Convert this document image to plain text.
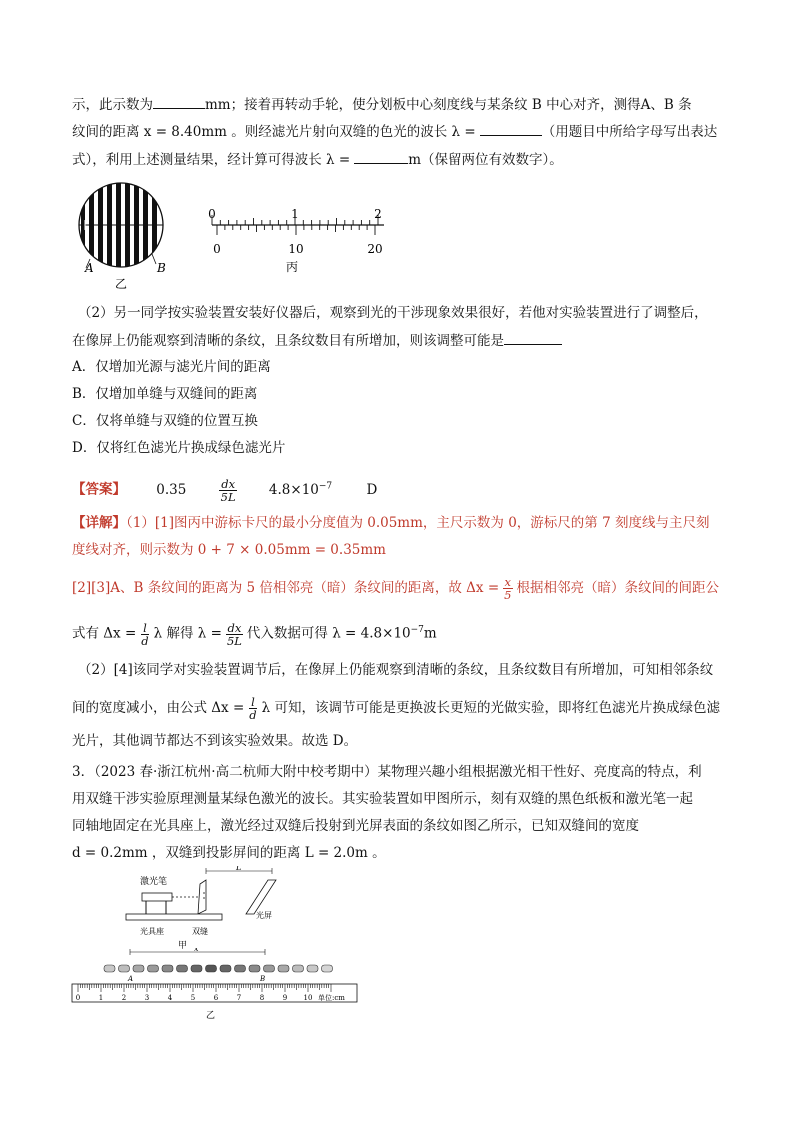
示，此示数为	mm；接着再转动手轮，使分划板中心刻度线与某条纹 B 中心对齐，测得A、B 条
纹间的距离 x = 8.40mm 。则经滤光片射向双缝的色光的波长 λ =	（用题目中所给字母写出表达
式），利用上述测量结果，经计算可得波长 λ =	m（保留两位有效数字）。
A	B
乙
0	1	2
0	10	20
丙
（2）另一同学按实验装置安装好仪器后，观察到光的干涉现象效果很好，若他对实验装置进行了调整后，
在像屏上仍能观察到清晰的条纹，且条纹数目有所增加，则该调整可能是
A．仅增加光源与滤光片间的距离
B．仅增加单缝与双缝间的距离
C．仅将单缝与双缝的位置互换
D．仅将红色滤光片换成绿色滤光片
【答案】 0.35	$\frac{dx}{5L} 4.8\times 10^{-7}$	D
【详解】（1）[1]图丙中游标卡尺的最小分度值为 0.05mm，主尺示数为 0，游标尺的第 7 刻度线与主尺刻
度线对齐，则示数为 0 + 7 × 0.05mm = 0.35mm
[2][3]A、B 条纹间的距离为 5 倍相邻亮（暗）条纹间的距离，故 $\Delta x = \frac{x}{5}$ 根据相邻亮（暗）条纹间的间距公
式有 $\Delta x = \frac{l}{d}$ λ 解得 $\lambda = \frac{dx}{5L}$ 代入数据可得 $\lambda = 4.8\times 10^{-7}m$
（2）[4]该同学对实验装置调节后，在像屏上仍能观察到清晰的条纹，且条纹数目有所增加，可知相邻条纹
间的宽度减小，由公式 $\Delta x = \frac{l}{d}$ λ 可知，该调节可能是更换波长更短的光做实验，即将红色滤光片换成绿色滤
光片，其他调节都达不到该实验效果。故选 D。
3．（2023 春·浙江杭州·高二杭师大附中校考期中）某物理兴趣小组根据激光相干性好、亮度高的特点，利
用双缝干涉实验原理测量某绿色激光的波长。其实验装置如甲图所示，刻有双缝的黑色纸板和激光笔一起
同轴地固定在光具座上，激光经过双缝后投射到光屏表面的条纹如图乙所示，已知双缝间的宽度
d = 0.2mm ，双缝到投影屏间的距离 L = 2.0m 。
激光笔
L
光屏
光具座	双缝
甲 x
A	B
0	1	2	3	4	5	6	7	8	9 10 单位:cm
乙
